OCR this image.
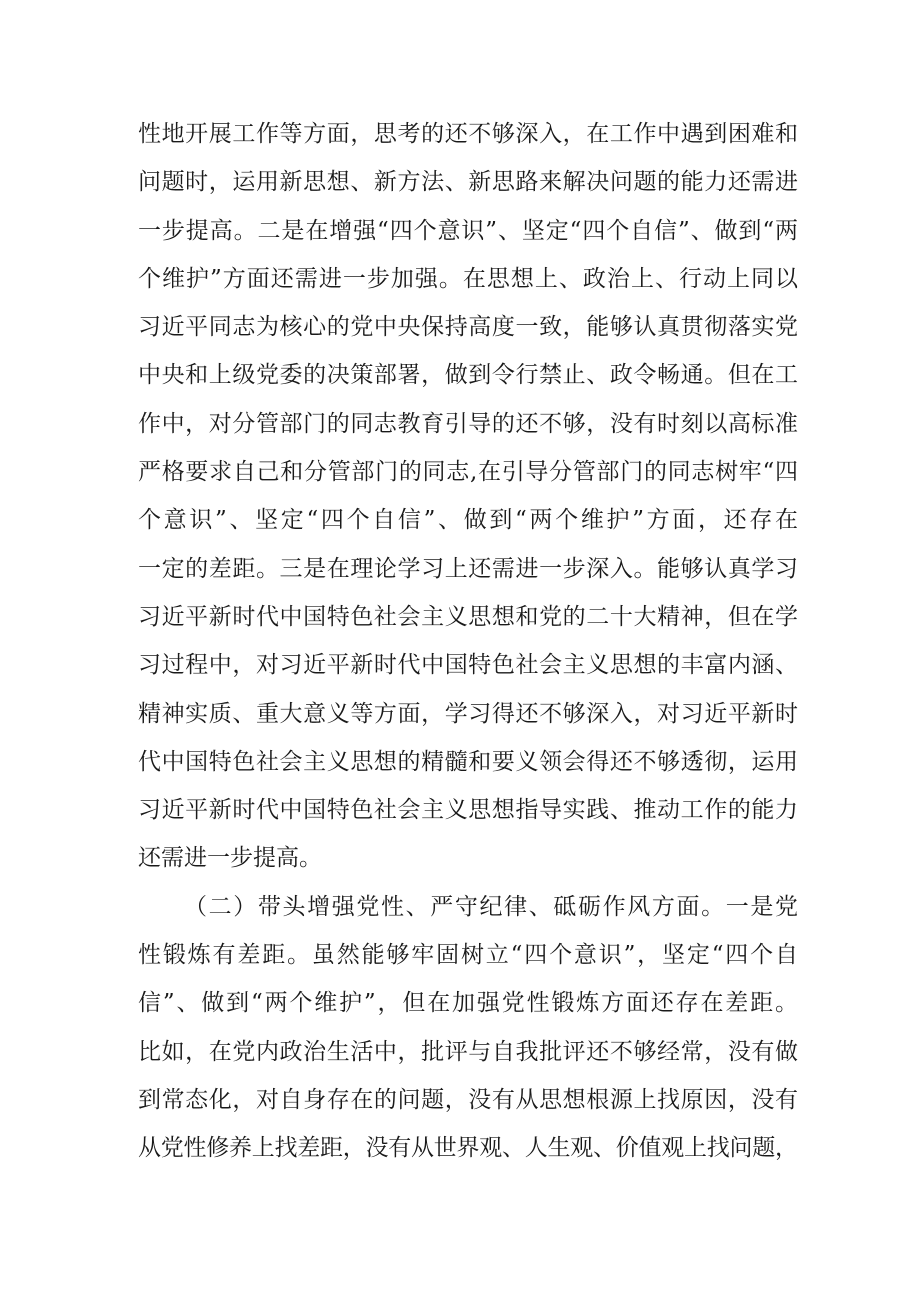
性地开展工作等方面，思考的还不够深入，在工作中遇到困难和
问题时，运用新思想、新方法、新思路来解决问题的能力还需进
一步提高。二是在增强“四个意识”、坚定“四个自信”、做到“两
个维护”方面还需进一步加强。在思想上、政治上、行动上同以
习近平同志为核心的党中央保持高度一致，能够认真贯彻落实党
中央和上级党委的决策部署，做到令行禁止、政令畅通。但在工
作中，对分管部门的同志教育引导的还不够，没有时刻以高标准
严格要求自己和分管部门的同志,在引导分管部门的同志树牢“四
个意识”、坚定“四个自信”、做到“两个维护”方面，还存在
一定的差距。三是在理论学习上还需进一步深入。能够认真学习
习近平新时代中国特色社会主义思想和党的二十大精神，但在学
习过程中，对习近平新时代中国特色社会主义思想的丰富内涵、
精神实质、重大意义等方面，学习得还不够深入，对习近平新时
代中国特色社会主义思想的精髓和要义领会得还不够透彻，运用
习近平新时代中国特色社会主义思想指导实践、推动工作的能力
还需进一步提高。
（二）带头增强党性、严守纪律、砥砺作风方面。一是党
性锻炼有差距。虽然能够牢固树立“四个意识”，坚定“四个自
信”、做到“两个维护”，但在加强党性锻炼方面还存在差距。
比如，在党内政治生活中，批评与自我批评还不够经常，没有做
到常态化，对自身存在的问题，没有从思想根源上找原因，没有
从党性修养上找差距，没有从世界观、人生观、价值观上找问题，
